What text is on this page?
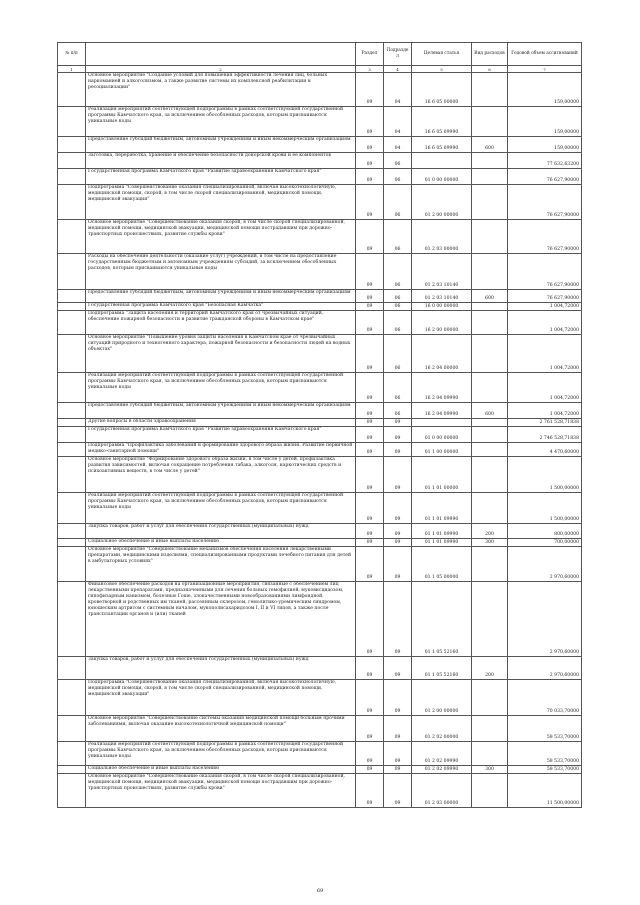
№ п/п		Раздел	Подраздел	Целевая статья	Вид расходов	Годовой объем ассигнований
1	2	3	4	5	6	7
	Основное мероприятие "Создание условий для повышения эффективности лечения лиц, больных наркоманией и алкоголизмом, а также развитие системы их комплексной реабилитации и ресоциализации"	09	04	16 6 05 00000		159,00000
	Реализация мероприятий соответствующей подпрограммы в рамках соответствующей государственной программы Камчатского края, за исключением обособленных расходов, которым присваиваются уникальные коды	09	04	16 6 05 09990		159,00000
	Предоставление субсидий бюджетным, автономным учреждениям и иным некоммерческим организациям	09	04	16 6 05 09990	600	159,00000
	Заготовка, переработка, хранение и обеспечение безопасности донорской крови и ее компонентов	09	06			77 632,63200
	Государственная программа Камчатского края "Развитие здравоохранения Камчатского края"	09	06	01 0 00 00000		76 627,90000
	Подпрограмма "Совершенствование оказания специализированной, включая высокотехнологичную, медицинской помощи, скорой, в том числе скорой специализированной, медицинской помощи, медицинской эвакуации"	09	06	01 2 00 00000		76 627,90000
	Основное мероприятие "Совершенствование оказания скорой, в том числе скорой специализированной, медицинской помощи, медицинской эвакуации, медицинской помощи пострадавшим при дорожно-транспортных происшествиях, развитие службы крови"	09	06	01 2 03 00000		76 627,90000
	Расходы на обеспечение деятельности (оказание услуг) учреждений, в том числе на предоставление государственным бюджетным и автономным учреждениям субсидий, за исключением обособленных расходов, которым присваиваются уникальные коды	09	06	01 2 03 10140		76 627,90000
	Предоставление субсидий бюджетным, автономным учреждениям и иным некоммерческим организациям	09	06	01 2 03 10140	600	76 627,90000
	Государственная программа Камчатского края "Безопасная Камчатка"	09	06	16 0 00 00000		1 004,72000
	Подпрограмма "Защита населения и территорий Камчатского края от чрезвычайных ситуаций, обеспечение пожарной безопасности и развитие гражданской обороны в Камчатском крае"	09	06	16 2 00 00000		1 004,72000
	Основное мероприятие "Повышение уровня защиты населения в Камчатском крае от чрезвычайных ситуаций природного и техногенного характера, пожарной безопасности и безопасности людей на водных объектах"	09	06	16 2 04 00000		1 004,72000
	Реализация мероприятий соответствующей подпрограммы в рамках соответствующей государственной программы Камчатского края, за исключением обособленных расходов, которым присваиваются уникальные коды	09	06	16 2 04 09990		1 004,72000
	Предоставление субсидий бюджетным, автономным учреждениям и иным некоммерческим организациям	09	06	16 2 04 09990	600	1 004,72000
	Другие вопросы в области здравоохранения	09	09			2 761 528,71838
	Государственная программа Камчатского края "Развитие здравоохранения Камчатского края"	09	09	01 0 00 00000		2 746 528,71838
	Подпрограмма "Профилактика заболеваний и формирование здорового образа жизни. Развитие первичной медико-санитарной помощи"	09	09	01 1 00 00000		4 470,60000
	Основное мероприятие "Формирование здорового образа жизни, в том числе у детей, профилактика развития зависимостей, включая сокращение потребления табака, алкоголя, наркотических средств и психоактивных веществ, в том числе у детей"	09	09	01 1 01 00000		1 500,00000
	Реализация мероприятий соответствующей подпрограммы в рамках соответствующей государственной программы Камчатского края, за исключением обособленных расходов, которым присваиваются уникальные коды	09	09	01 1 01 09990		1 500,00000
	Закупка товаров, работ и услуг для обеспечения государственных (муниципальных) нужд	09	09	01 1 01 09990	200	800,00000
	Социальное обеспечение и иные выплаты населению	09	09	01 1 01 09990	300	700,00000
	Основное мероприятие "Совершенствование механизмов обеспечения населения лекарственными препаратами, медицинскими изделиями, специализированными продуктами лечебного питания для детей в амбулаторных условиях"	09	09	01 1 05 00000		2 970,60000
	Финансовое обеспечение расходов на организационные мероприятия, связанные с обеспечением лиц лекарственными препаратами, предназначенными для лечения больных гемофилией, муковисцидозом, гипофизарным нанизмом, болезнью Гоше, злокачественными новообразованиями лимфоидной, кроветворной и родственных им тканей, рассеянным склерозом, гемолитико-уремическим синдромом, юношеским артритом с системным началом, мукополисахаридозом I, II и VI типов, а также после трансплантации органов и (или) тканей	09	09	01 1 05 52160		2 970,60000
	Закупка товаров, работ и услуг для обеспечения государственных (муниципальных) нужд	09	09	01 1 05 52160	200	2 970,60000
	Подпрограмма "Совершенствование оказания специализированной, включая высокотехнологичную, медицинской помощи, скорой, в том числе скорой специализированной, медицинской помощи, медицинской эвакуации"	09	09	01 2 00 00000		70 033,70000
	Основное мероприятие "Совершенствование системы оказания медицинской помощи больным прочими заболеваниями, включая оказание высокотехнологичной медицинской помощи"	09	09	01 2 02 00000		58 533,70000
	Реализация мероприятий соответствующей подпрограммы в рамках соответствующей государственной программы Камчатского края, за исключением обособленных расходов, которым присваиваются уникальные коды	09	09	01 2 02 09990		58 533,70000
	Социальное обеспечение и иные выплаты населению	09	09	01 2 02 09990	300	58 533,70000
	Основное мероприятие "Совершенствование оказания скорой, в том числе скорой специализированной, медицинской помощи, медицинской эвакуации, медицинской помощи пострадавшим при дорожно-транспортных происшествиях, развитие службы крови"	09	09	01 2 03 00000		11 500,00000
69
